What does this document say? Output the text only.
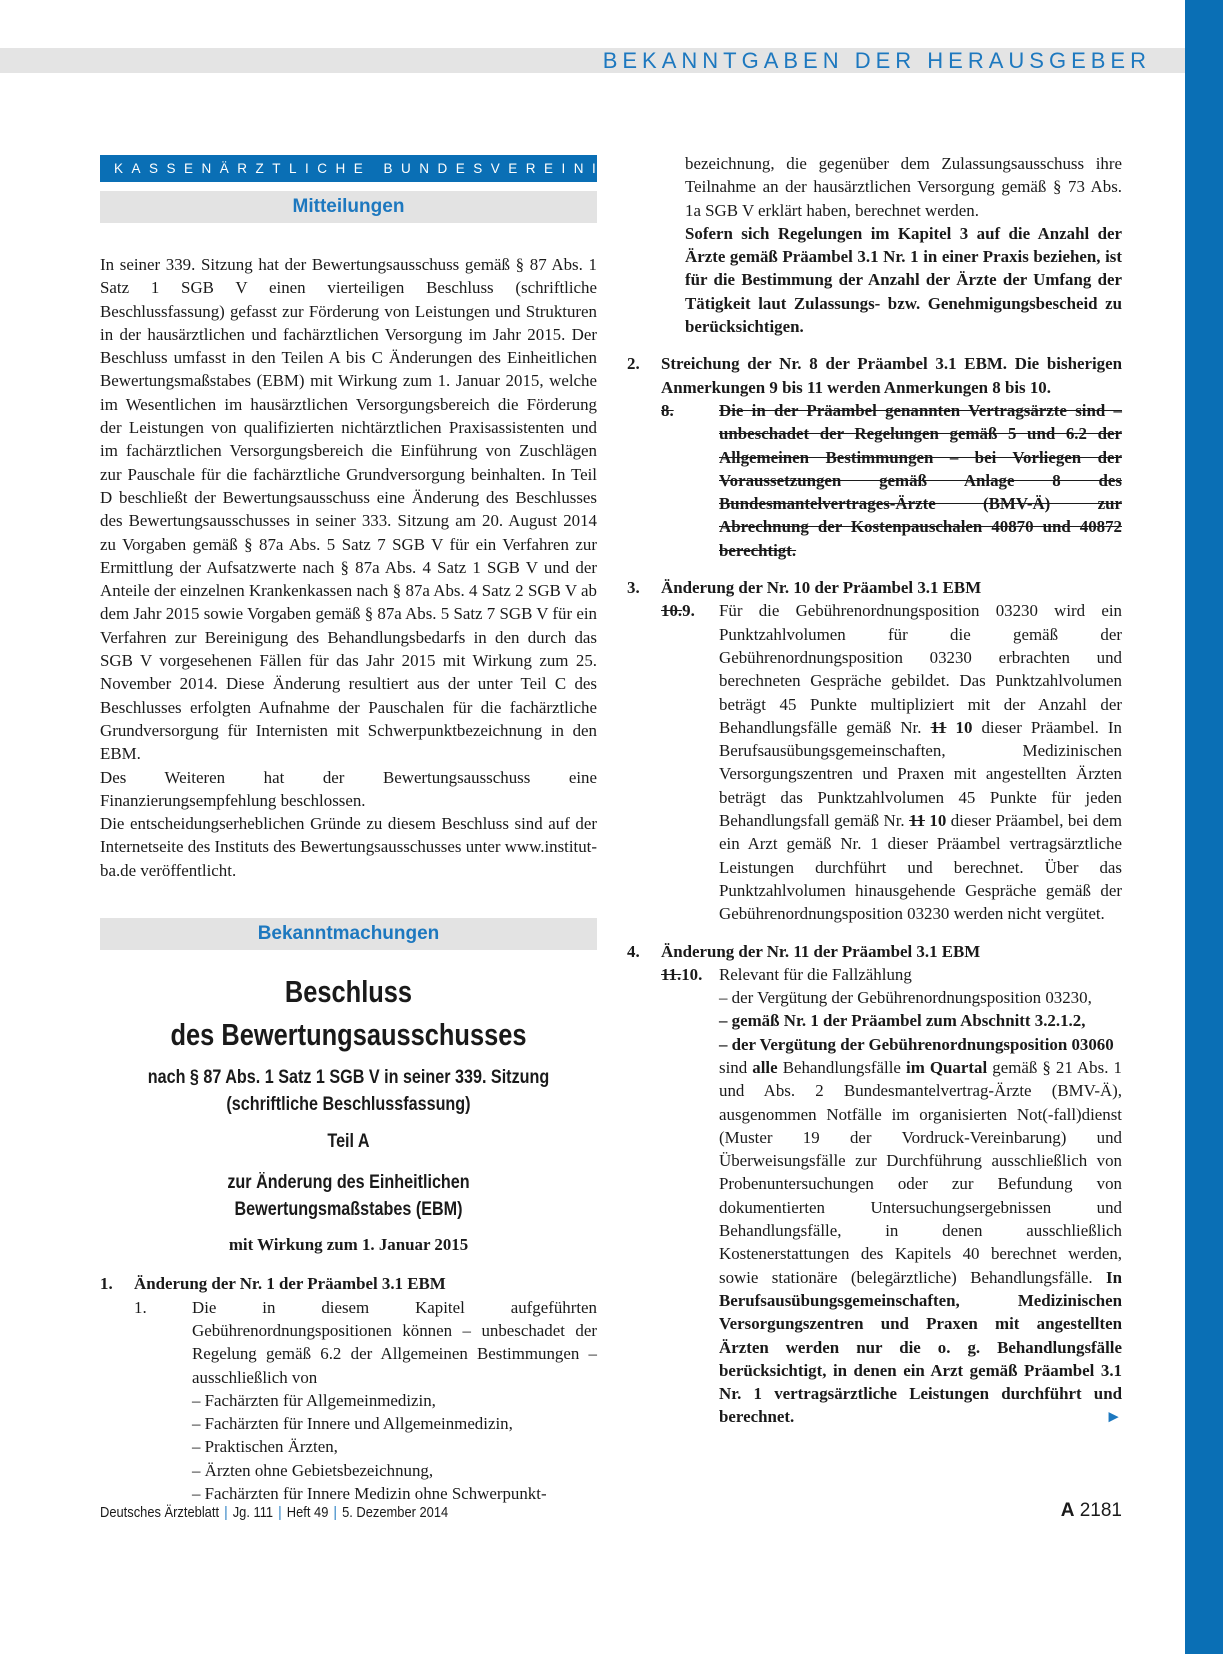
BEKANNTGABEN DER HERAUSGEBER
KASSENÄRZTLICHE BUNDESVEREINIGUNG
Mitteilungen

In seiner 339. Sitzung hat der Bewertungsausschuss gemäß § 87 Abs. 1 Satz 1 SGB V einen vierteiligen Beschluss (schriftliche Beschlussfassung) gefasst zur Förderung von Leistungen und Strukturen in der hausärztlichen und fachärztlichen Versorgung im Jahr 2015. Der Beschluss umfasst in den Teilen A bis C Änderungen des Einheitlichen Bewertungsmaßstabes (EBM) mit Wirkung zum 1. Januar 2015, welche im Wesentlichen im hausärztlichen Versorgungsbereich die Förderung der Leistungen von qualifizierten nichtärztlichen Praxisassistenten und im fachärztlichen Versorgungsbereich die Einführung von Zuschlägen zur Pauschale für die fachärztliche Grundversorgung beinhalten. In Teil D beschließt der Bewertungsausschuss eine Änderung des Beschlusses des Bewertungsausschusses in seiner 333. Sitzung am 20. August 2014 zu Vorgaben gemäß § 87a Abs. 5 Satz 7 SGB V für ein Verfahren zur Ermittlung der Aufsatzwerte nach § 87a Abs. 4 Satz 1 SGB V und der Anteile der einzelnen Krankenkassen nach § 87a Abs. 4 Satz 2 SGB V ab dem Jahr 2015 sowie Vorgaben gemäß § 87a Abs. 5 Satz 7 SGB V für ein Verfahren zur Bereinigung des Behandlungsbedarfs in den durch das SGB V vorgesehenen Fällen für das Jahr 2015 mit Wirkung zum 25. November 2014. Diese Änderung resultiert aus der unter Teil C des Beschlusses erfolgten Aufnahme der Pauschalen für die fachärztliche Grundversorgung für Internisten mit Schwerpunktbezeichnung in den EBM.

Des Weiteren hat der Bewertungsausschuss eine Finanzierungsempfehlung beschlossen.

Die entscheidungserheblichen Gründe zu diesem Beschluss sind auf der Internetseite des Instituts des Bewertungsausschusses unter www.institut-ba.de veröffentlicht.

Bekanntmachungen

Beschluss

des Bewertungsausschusses

nach § 87 Abs. 1 Satz 1 SGB V in seiner 339. Sitzung

(schriftliche Beschlussfassung)

Teil A

zur Änderung des Einheitlichen Bewertungsmaßstabes (EBM)

mit Wirkung zum 1. Januar 2015

1.	Änderung der Nr. 1 der Präambel 3.1 EBM
1.	Die in diesem Kapitel aufgeführten Gebührenordnungspositionen können – unbeschadet der Regelung gemäß 6.2 der Allgemeinen Bestimmungen – ausschließlich von

– Fachärzten für Allgemeinmedizin,

– Fachärzten für Innere und Allgemeinmedizin,

– Praktischen Ärzten,

– Ärzten ohne Gebietsbezeichnung,

– Fachärzten für Innere Medizin ohne Schwerpunkt-

bezeichnung, die gegenüber dem Zulassungsausschuss ihre Teilnahme an der hausärztlichen Versorgung gemäß § 73 Abs. 1a SGB V erklärt haben, berechnet werden.

Sofern sich Regelungen im Kapitel 3 auf die Anzahl der Ärzte gemäß Präambel 3.1 Nr. 1 in einer Praxis beziehen, ist für die Bestimmung der Anzahl der Ärzte der Umfang der Tätigkeit laut Zulassungs- bzw. Genehmigungsbescheid zu berücksichtigen.

2.	Streichung der Nr. 8 der Präambel 3.1 EBM. Die bisherigen Anmerkungen 9 bis 11 werden Anmerkungen 8 bis 10.
8.	Die in der Präambel genannten Vertragsärzte sind – unbeschadet der Regelungen gemäß 5 und 6.2 der Allgemeinen Bestimmungen – bei Vorliegen der Voraussetzungen gemäß Anlage 8 des Bundesmantelvertrages-Ärzte (BMV-Ä) zur Abrechnung der Kostenpauschalen 40870 und 40872 berechtigt.

3.	Änderung der Nr. 10 der Präambel 3.1 EBM
10.9.	Für die Gebührenordnungsposition 03230 wird ein Punktzahlvolumen für die gemäß der Gebührenordnungsposition 03230 erbrachten und berechneten Gespräche gebildet. Das Punktzahlvolumen beträgt 45 Punkte multipliziert mit der Anzahl der Behandlungsfälle gemäß Nr. 11 10 dieser Präambel. In Berufsausübungsgemeinschaften, Medizinischen Versorgungszentren und Praxen mit angestellten Ärzten beträgt das Punktzahlvolumen 45 Punkte für jeden Behandlungsfall gemäß Nr. 11 10 dieser Präambel, bei dem ein Arzt gemäß Nr. 1 dieser Präambel vertragsärztliche Leistungen durchführt und berechnet. Über das Punktzahlvolumen hinausgehende Gespräche gemäß der Gebührenordnungsposition 03230 werden nicht vergütet.

4.	Änderung der Nr. 11 der Präambel 3.1 EBM
11.10. Relevant für die Fallzählung

– der Vergütung der Gebührenordnungsposition 03230,

– gemäß Nr. 1 der Präambel zum Abschnitt 3.2.1.2,

– der Vergütung der Gebührenordnungsposition 03060

sind alle Behandlungsfälle im Quartal gemäß § 21 Abs. 1 und Abs. 2 Bundesmantelvertrag-Ärzte (BMV-Ä), ausgenommen Notfälle im organisierten Not(-fall)dienst (Muster 19 der Vordruck-Vereinbarung) und Überweisungsfälle zur Durchführung ausschließlich von Probenuntersuchungen oder zur Befundung von dokumentierten Untersuchungsergebnissen und Behandlungsfälle, in denen ausschließlich Kostenerstattungen des Kapitels 40 berechnet werden, sowie stationäre (belegärztliche) Behandlungsfälle. In Berufsausübungsgemeinschaften, Medizinischen Versorgungszentren und Praxen mit angestellten Ärzten werden nur die o. g. Behandlungsfälle berücksichtigt, in denen ein Arzt gemäß Präambel 3.1 Nr. 1 vertragsärztliche Leistungen durchführt und berechnet.	►

Deutsches Ärzteblatt | Jg. 111 | Heft 49 | 5. Dezember 2014	A 2181
